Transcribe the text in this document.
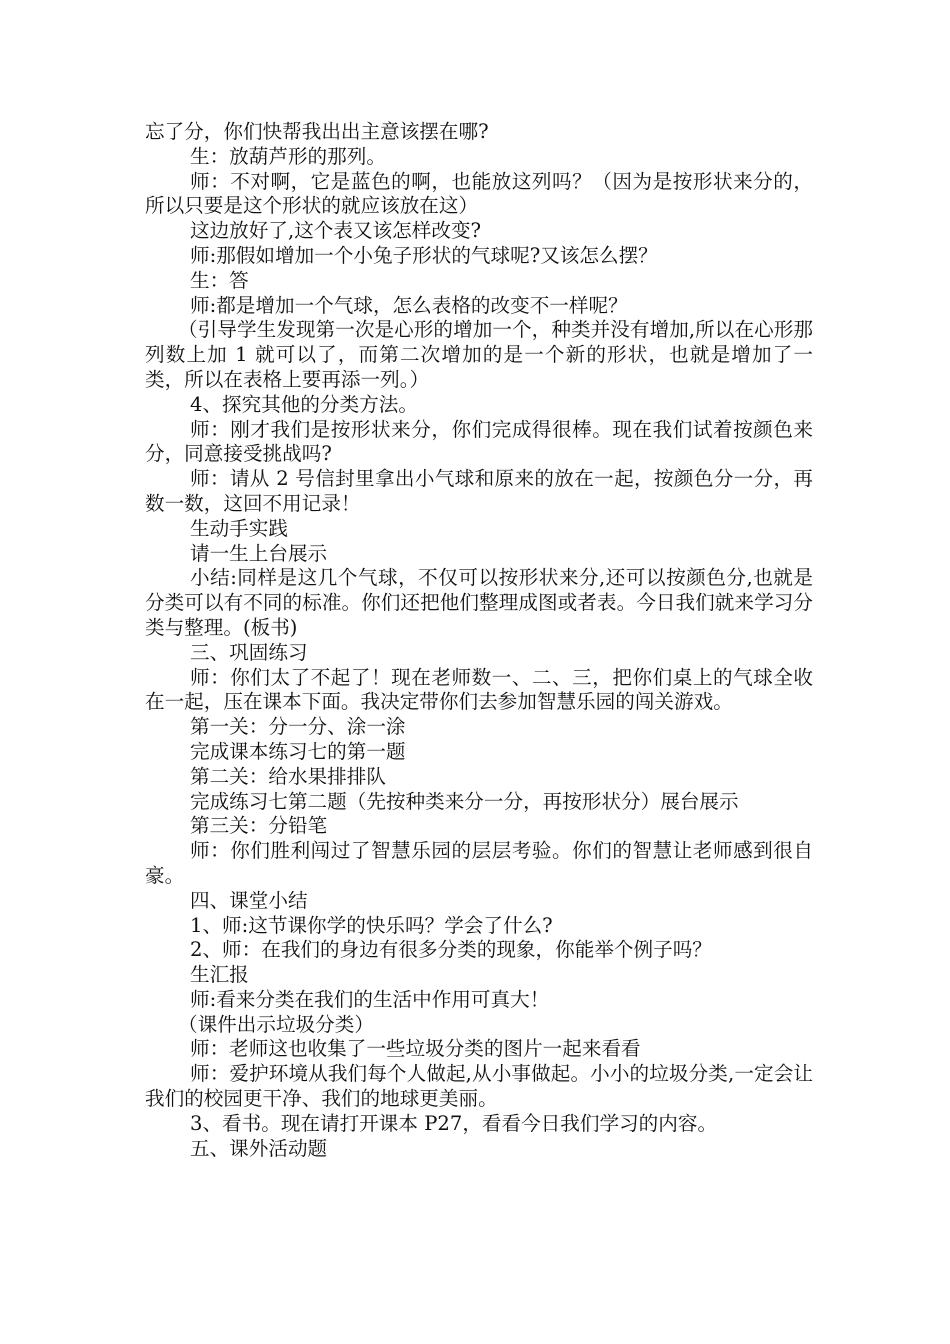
忘了分，你们快帮我出出主意该摆在哪?

生：放葫芦形的那列。

师：不对啊，它是蓝色的啊，也能放这列吗？（因为是按形状来分的，所以只要是这个形状的就应该放在这）

这边放好了,这个表又该怎样改变?

师:那假如增加一个小兔子形状的气球呢?又该怎么摆？

生：答

师:都是增加一个气球，怎么表格的改变不一样呢？

（引导学生发现第一次是心形的增加一个，种类并没有增加,所以在心形那列数上加 1 就可以了，而第二次增加的是一个新的形状，也就是增加了一类，所以在表格上要再添一列。）

4、探究其他的分类方法。

师：刚才我们是按形状来分，你们完成得很棒。现在我们试着按颜色来分，同意接受挑战吗?

师：请从 2 号信封里拿出小气球和原来的放在一起，按颜色分一分，再数一数，这回不用记录！

生动手实践

请一生上台展示

小结:同样是这几个气球，不仅可以按形状来分,还可以按颜色分,也就是分类可以有不同的标准。你们还把他们整理成图或者表。今日我们就来学习分类与整理。(板书)

三、巩固练习

师：你们太了不起了！现在老师数一、二、三，把你们桌上的气球全收在一起，压在课本下面。我决定带你们去参加智慧乐园的闯关游戏。

第一关：分一分、涂一涂

完成课本练习七的第一题

第二关：给水果排排队

完成练习七第二题（先按种类来分一分，再按形状分）展台展示

第三关：分铅笔

师：你们胜利闯过了智慧乐园的层层考验。你们的智慧让老师感到很自豪。

四、课堂小结

1、师:这节课你学的快乐吗？学会了什么?

2、师：在我们的身边有很多分类的现象，你能举个例子吗？

生汇报

师:看来分类在我们的生活中作用可真大！

（课件出示垃圾分类）

师：老师这也收集了一些垃圾分类的图片一起来看看

师：爱护环境从我们每个人做起,从小事做起。小小的垃圾分类,一定会让我们的校园更干净、我们的地球更美丽。

3、看书。现在请打开课本 P27，看看今日我们学习的内容。

五、课外活动题
